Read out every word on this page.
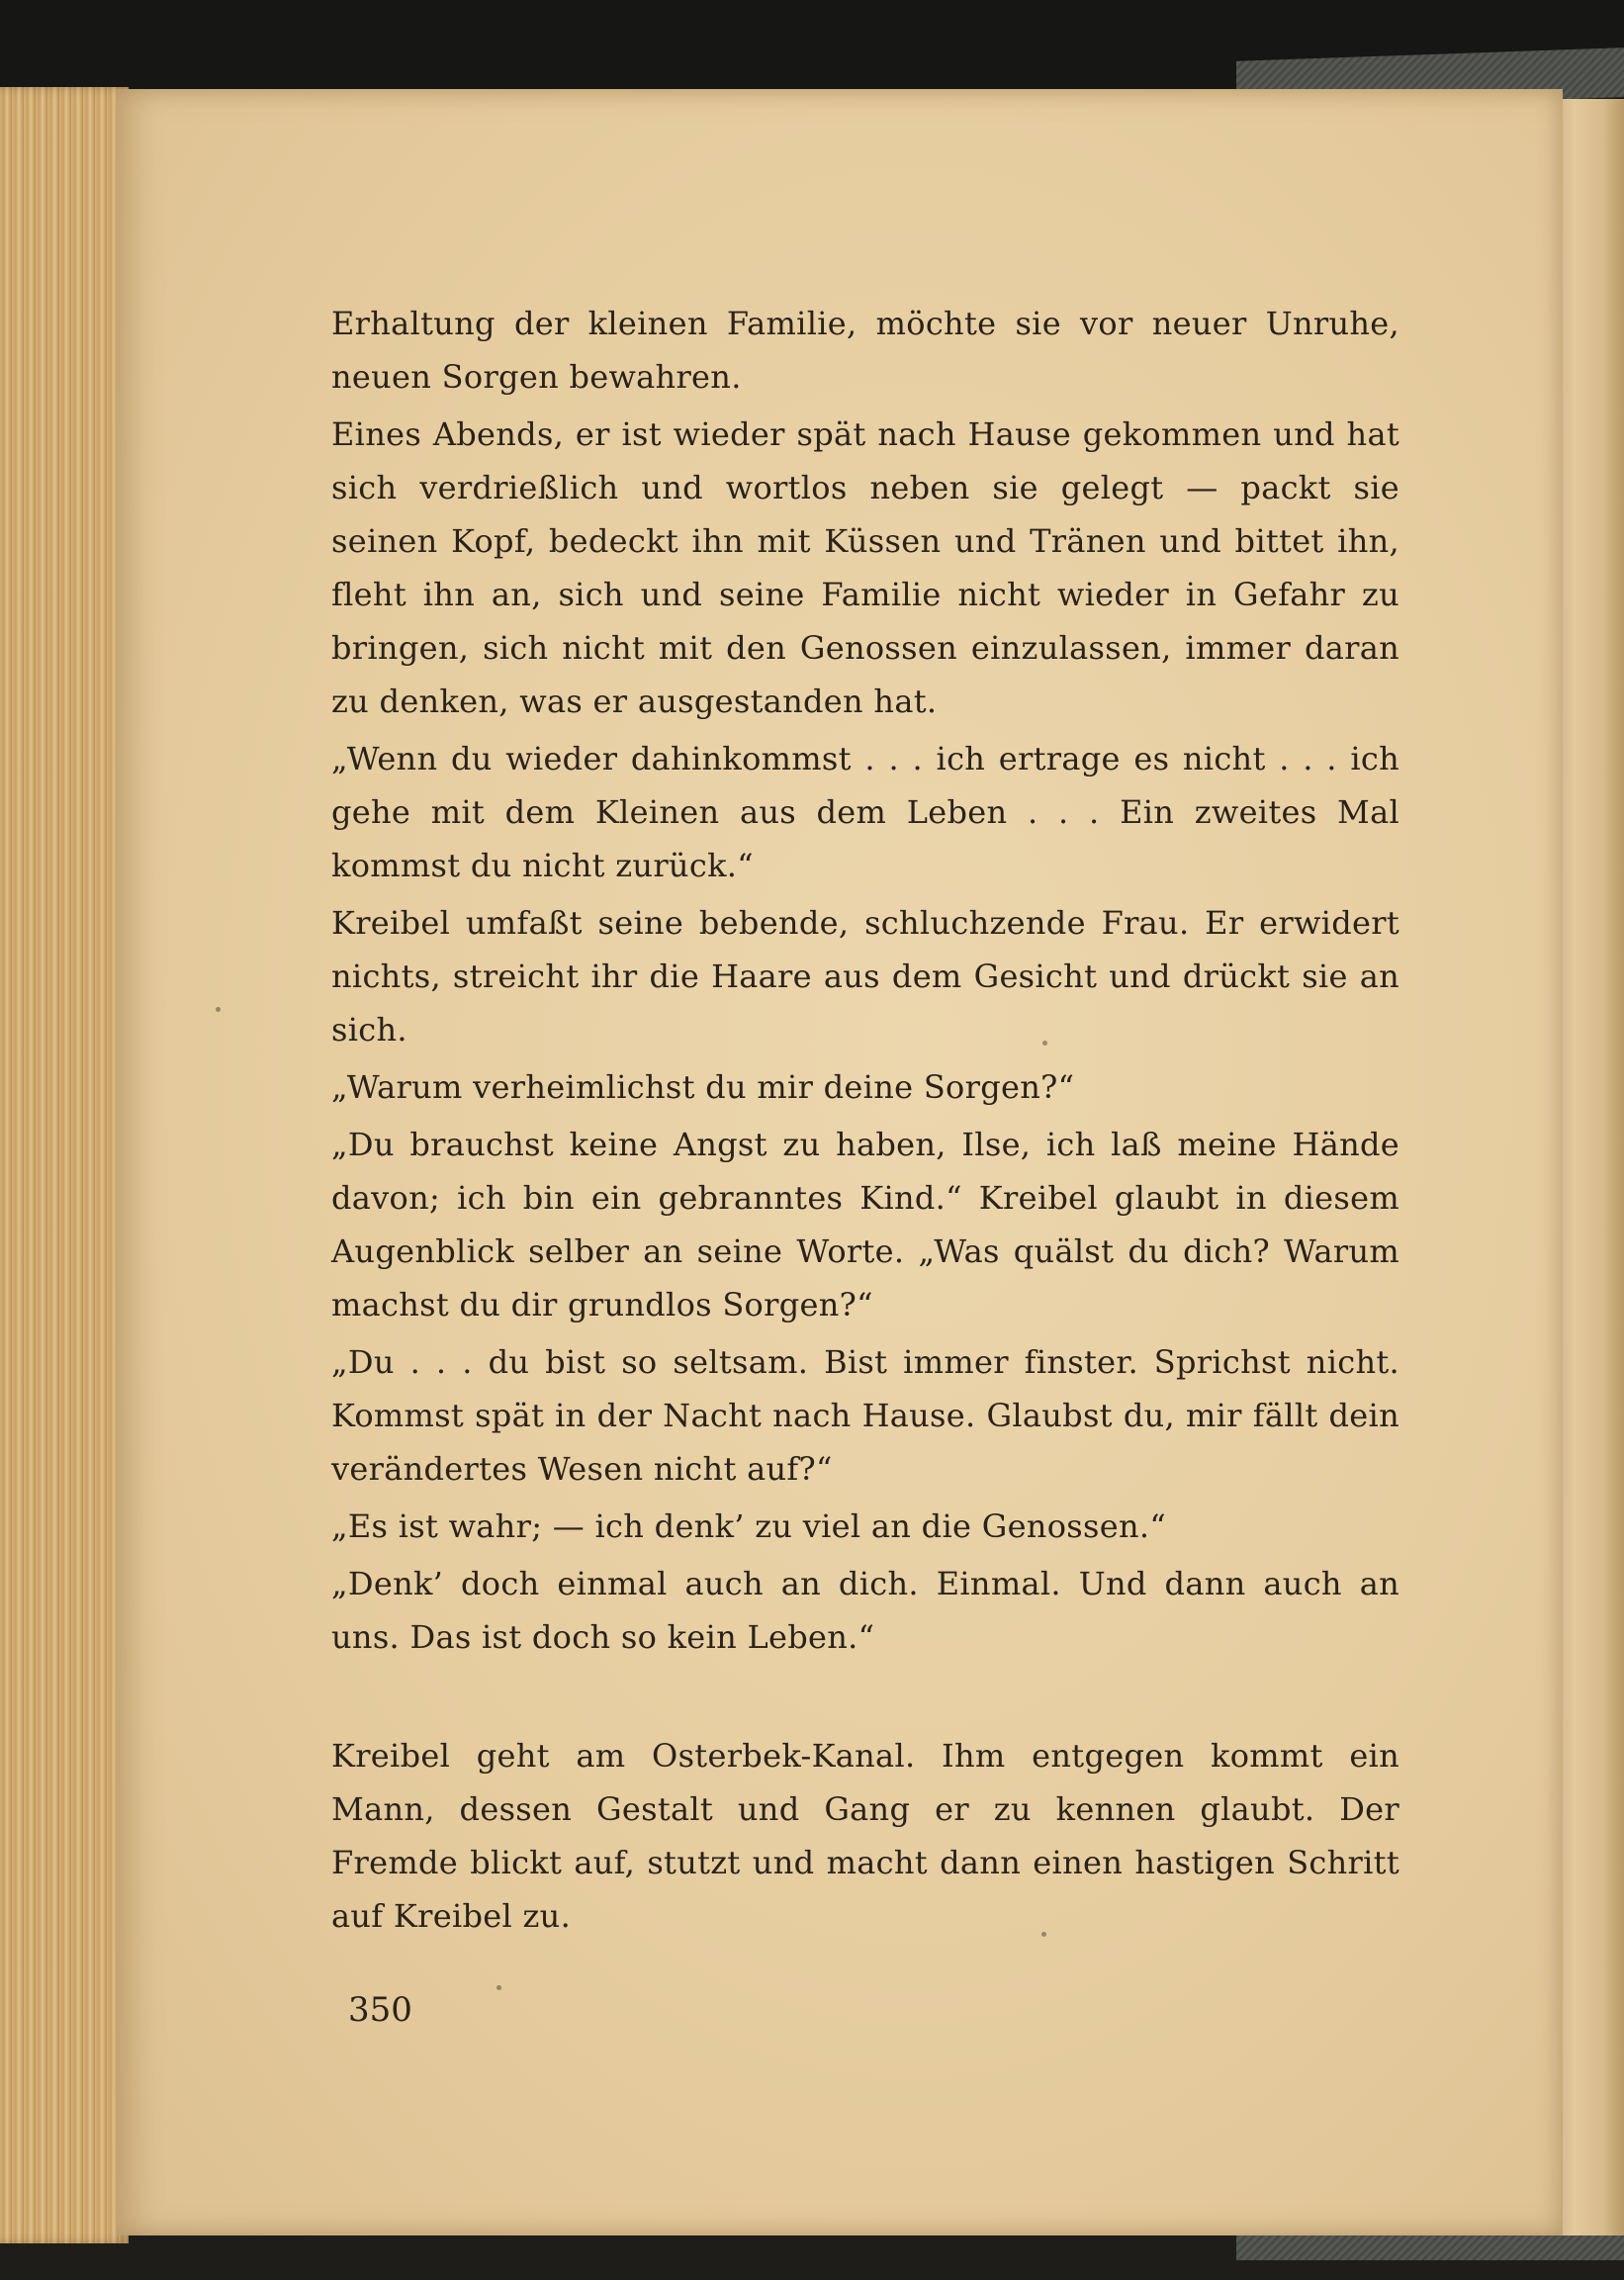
Erhaltung der kleinen Familie, möchte sie vor neuer Unruhe, neuen Sorgen bewahren.

Eines Abends, er ist wieder spät nach Hause gekommen und hat sich verdrießlich und wortlos neben sie gelegt — packt sie seinen Kopf, bedeckt ihn mit Küssen und Tränen und bittet ihn, fleht ihn an, sich und seine Familie nicht wieder in Gefahr zu bringen, sich nicht mit den Genossen einzulassen, immer daran zu denken, was er ausgestanden hat.

„Wenn du wieder dahinkommst . . . ich ertrage es nicht . . . ich gehe mit dem Kleinen aus dem Leben . . . Ein zweites Mal kommst du nicht zurück.“

Kreibel umfaßt seine bebende, schluchzende Frau. Er erwidert nichts, streicht ihr die Haare aus dem Gesicht und drückt sie an sich.

„Warum verheimlichst du mir deine Sorgen?“

„Du brauchst keine Angst zu haben, Ilse, ich laß meine Hände davon; ich bin ein gebranntes Kind.“ Kreibel glaubt in diesem Augenblick selber an seine Worte. „Was quälst du dich? Warum machst du dir grundlos Sorgen?“

„Du . . . du bist so seltsam. Bist immer finster. Sprichst nicht. Kommst spät in der Nacht nach Hause. Glaubst du, mir fällt dein verändertes Wesen nicht auf?“

„Es ist wahr; — ich denk’ zu viel an die Genossen.“

„Denk’ doch einmal auch an dich. Einmal. Und dann auch an uns. Das ist doch so kein Leben.“

Kreibel geht am Osterbek-Kanal. Ihm entgegen kommt ein Mann, dessen Gestalt und Gang er zu kennen glaubt. Der Fremde blickt auf, stutzt und macht dann einen hastigen Schritt auf Kreibel zu.

350
